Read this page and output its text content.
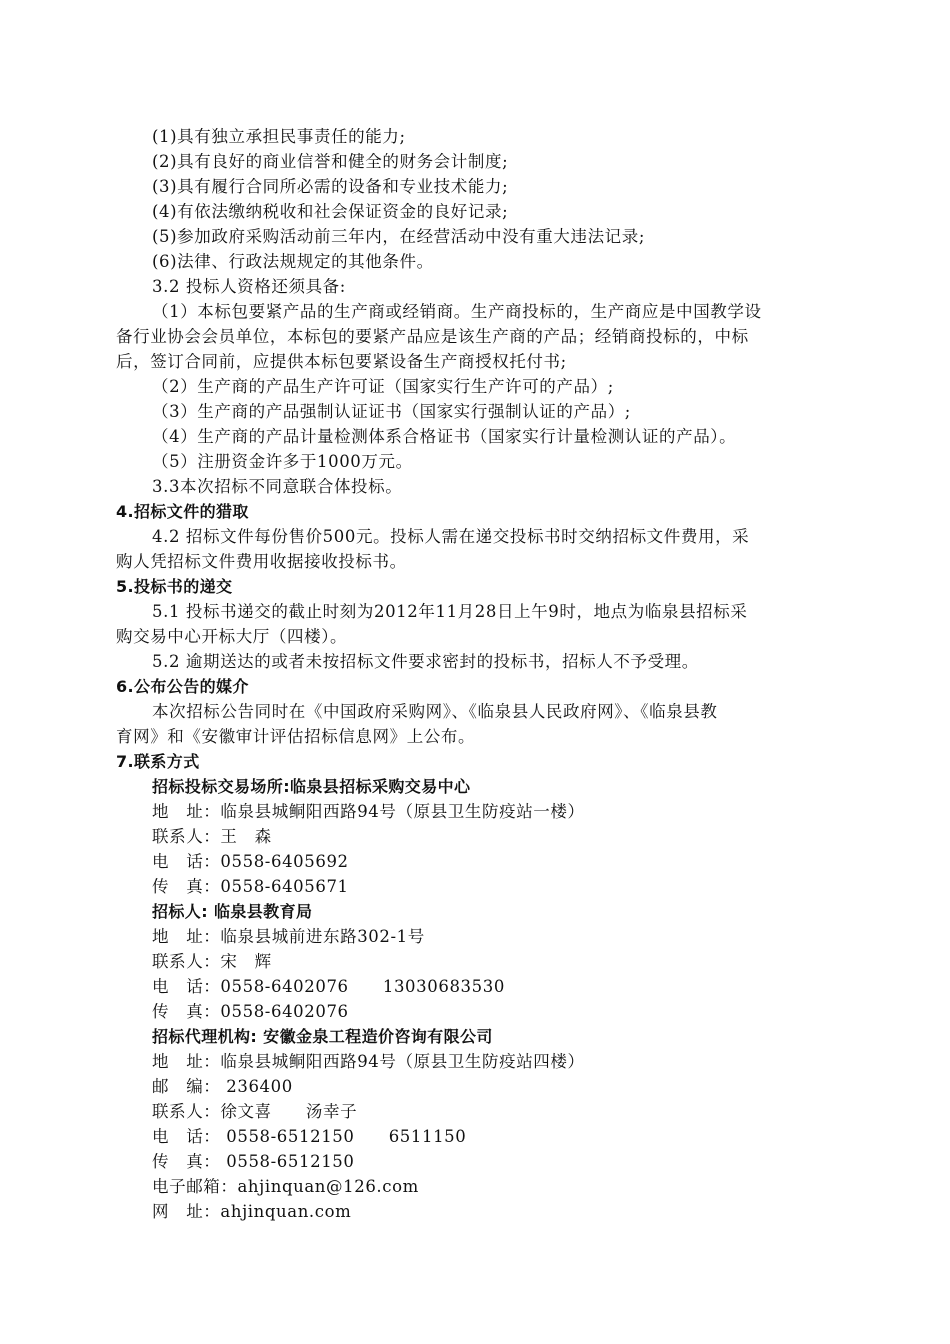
(1)具有独立承担民事责任的能力;
(2)具有良好的商业信誉和健全的财务会计制度;
(3)具有履行合同所必需的设备和专业技术能力;
(4)有依法缴纳税收和社会保证资金的良好记录;
(5)参加政府采购活动前三年内，在经营活动中没有重大违法记录;
(6)法律、行政法规规定的其他条件。
3.2 投标人资格还须具备:
（1）本标包要紧产品的生产商或经销商。生产商投标的，生产商应是中国教学设
备行业协会会员单位，本标包的要紧产品应是该生产商的产品；经销商投标的，中标
后，签订合同前，应提供本标包要紧设备生产商授权托付书;
（2）生产商的产品生产许可证（国家实行生产许可的产品）;
（3）生产商的产品强制认证证书（国家实行强制认证的产品）;
（4）生产商的产品计量检测体系合格证书（国家实行计量检测认证的产品）。
（5）注册资金许多于1000万元。
3.3本次招标不同意联合体投标。
4.招标文件的猎取
4.2 招标文件每份售价500元。投标人需在递交投标书时交纳招标文件费用，采
购人凭招标文件费用收据接收投标书。
5.投标书的递交
5.1 投标书递交的截止时刻为2012年11月28日上午9时，地点为临泉县招标采
购交易中心开标大厅（四楼）。
5.2 逾期送达的或者未按招标文件要求密封的投标书，招标人不予受理。
6.公布公告的媒介
本次招标公告同时在《中国政府采购网》、《临泉县人民政府网》、《临泉县教
育网》和《安徽审计评估招标信息网》上公布。
7.联系方式
招标投标交易场所:临泉县招标采购交易中心
地　址：临泉县城鲖阳西路94号（原县卫生防疫站一楼）
联系人：王　森
电　话：0558-6405692
传　真：0558-6405671
招标人: 临泉县教育局
地　址：临泉县城前进东路302-1号
联系人：宋　辉
电　话：0558-6402076　　13030683530
传　真：0558-6402076
招标代理机构: 安徽金泉工程造价咨询有限公司
地　址：临泉县城鲖阳西路94号（原县卫生防疫站四楼）
邮　编： 236400
联系人：徐文喜　　汤幸子
电　话： 0558-6512150　　6511150
传　真： 0558-6512150
电子邮箱：ahjinquan@126.com
网　址：ahjinquan.com
